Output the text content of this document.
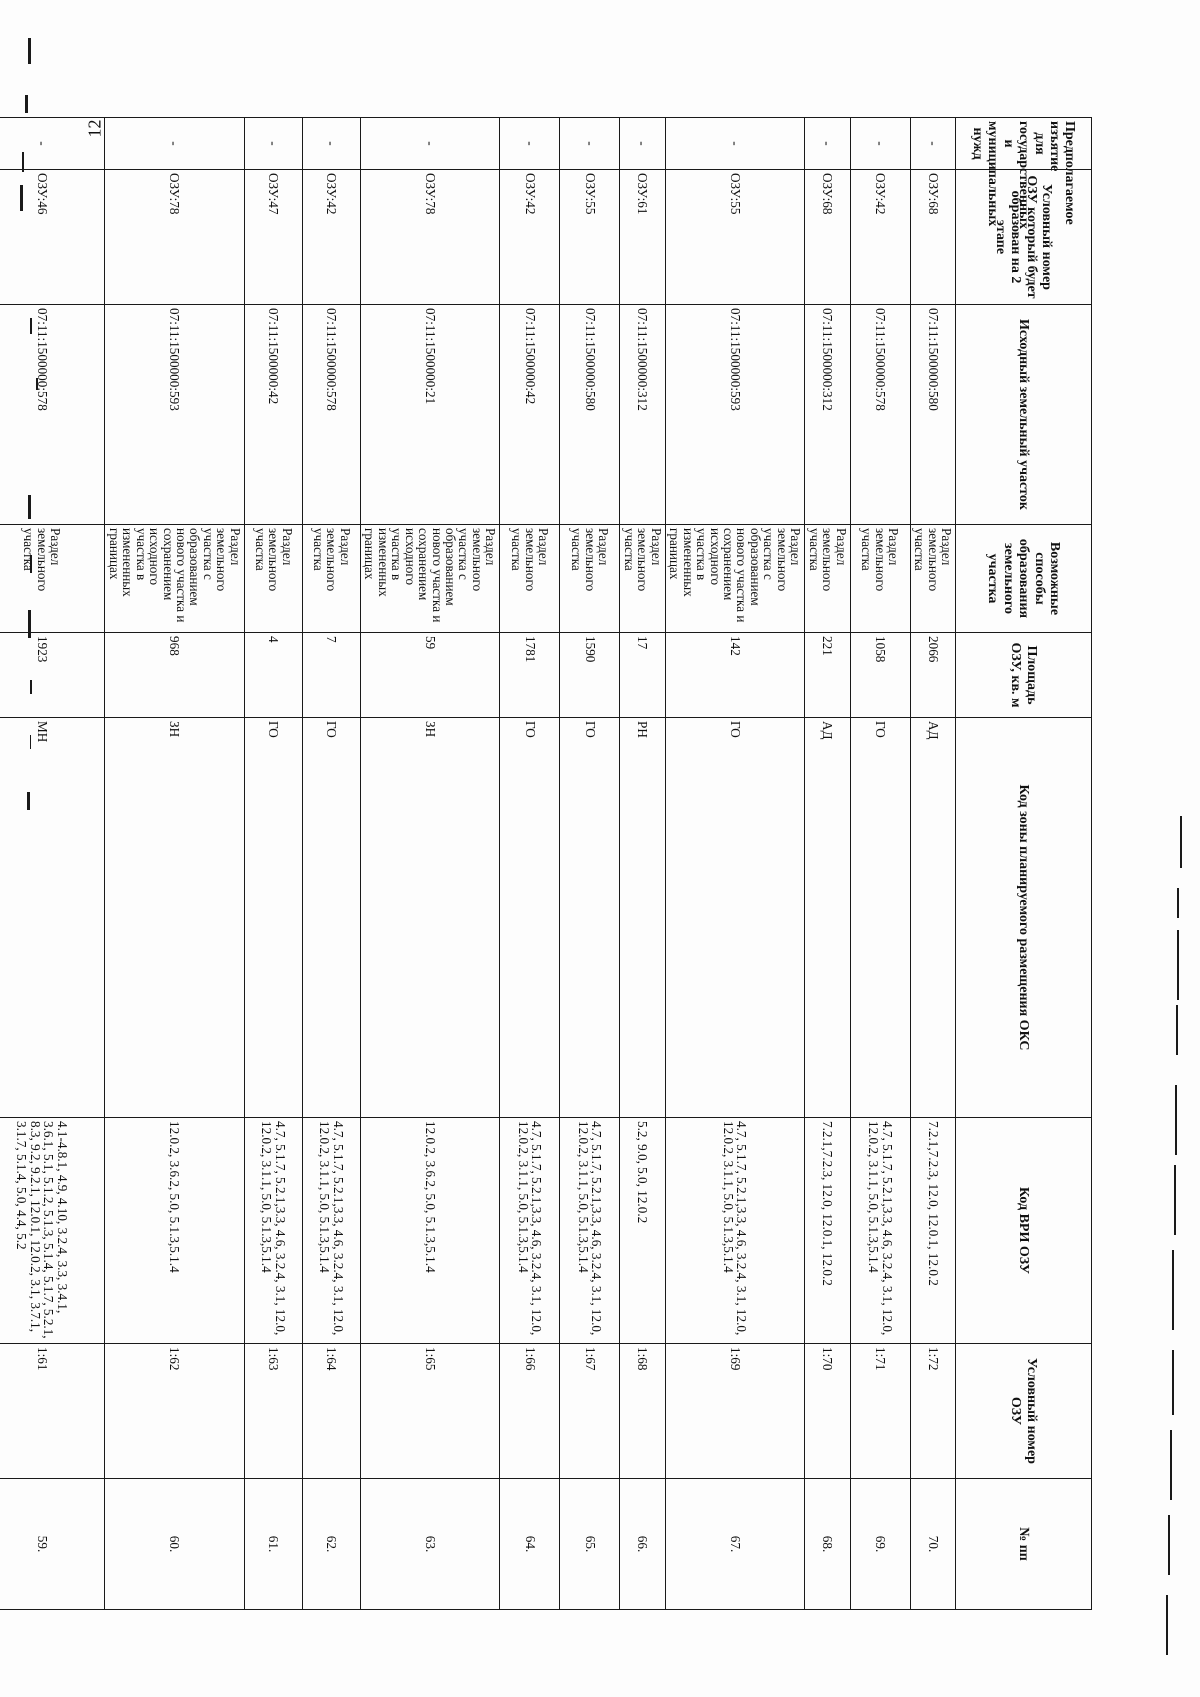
12	Предполагаемое изъятие для государственных и муниципальных нужд	Условный номер ОЗУ который будет образован на 2 этапе	Исходный земельный участок	Возможные способы образования земельного участка	Площадь ОЗУ, кв. м	Код зоны планируемого размещения ОКС	Код ВРИ ОЗУ	Условный номер ОЗУ	№ пп
-	ОЗУ:68	07:11:1500000:580	Раздел земельного участка	2066	АД	7.2.1,7.2.3, 12.0, 12.0.1, 12.0.2	1:72	70.
-	ОЗУ:42	07:11:1500000:578	Раздел земельного участка	1058	ГО	4.7, 5.1.7, 5.2.1,3.3, 4.6, 3.2.4, 3.1, 12.0, 12.0.2, 3.1.1, 5.0, 5.1.3,5.1.4	1:71	69.
-	ОЗУ:68	07:11:1500000:312	Раздел земельного участка	221	АД	7.2.1,7.2.3, 12.0, 12.0.1, 12.0.2	1:70	68.
-	ОЗУ:55	07:11:1500000:593	Раздел земельного участка с образованием нового участка и сохранением исходного участка в измененных границах	142	ГО	4.7, 5.1.7, 5.2.1,3.3, 4.6, 3.2.4, 3.1, 12.0, 12.0.2, 3.1.1, 5.0, 5.1.3,5.1.4	1:69	67.
-	ОЗУ:61	07:11:1500000:312	Раздел земельного участка	17	РН	5.2, 9.0, 5.0, 12.0.2	1:68	66.
-	ОЗУ:55	07:11:1500000:580	Раздел земельного участка	1590	ГО	4.7, 5.1.7, 5.2.1,3.3, 4.6, 3.2.4, 3.1, 12.0, 12.0.2, 3.1.1, 5.0, 5.1.3,5.1.4	1:67	65.
-	ОЗУ:42	07:11:1500000:42	Раздел земельного участка	1781	ГО	4.7, 5.1.7, 5.2.1,3.3, 4.6, 3.2.4, 3.1, 12.0, 12.0.2, 3.1.1, 5.0, 5.1.3,5.1.4	1:66	64.
-	ОЗУ:78	07:11:1500000:21	Раздел земельного участка с образованием нового участка и сохранением исходного участка в измененных границах	59	ЗН	12.0.2, 3.6.2, 5.0, 5.1.3,5.1.4	1:65	63.
-	ОЗУ:42	07:11:1500000:578	Раздел земельного участка	7	ГО	4.7, 5.1.7, 5.2.1,3.3, 4.6, 3.2.4, 3.1, 12.0, 12.0.2, 3.1.1, 5.0, 5.1.3,5.1.4	1:64	62.
-	ОЗУ:47	07:11:1500000:42	Раздел земельного участка	4	ГО	4.7, 5.1.7, 5.2.1,3.3, 4.6, 3.2.4, 3.1, 12.0, 12.0.2, 3.1.1, 5.0, 5.1.3,5.1.4	1:63	61.
-	ОЗУ:78	07:11:1500000:593	Раздел земельного участка с образованием нового участка и сохранением исходного участка в измененных границах	968	ЗН	12.0.2, 3.6.2, 5.0, 5.1.3,5.1.4	1:62	60.
-	ОЗУ:46	07:11:1500000:578	Раздел земельного участка	1923	МН	4.1-4.8.1, 4.9, 4.10, 3.2.4, 3.3, 3.4.1, 3.6.1, 5.1, 5.1.2, 5.1.3, 5.1.4, 5.1.7, 5.2.1, 8.3, 9.2, 9.2.1, 12.0.1, 12.0.2, 3.1, 3.7.1, 3.1.7, 5.1.4, 5.0, 4.4, 5.2	1:61	59.
